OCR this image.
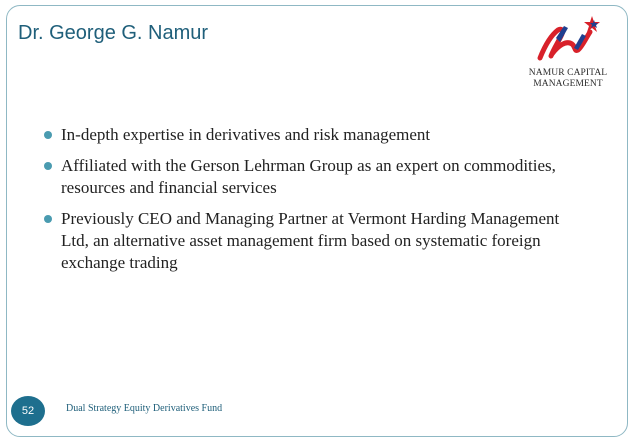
Dr. George G. Namur
NAMUR CAPITAL
MANAGEMENT
In-depth expertise in derivatives and risk management
Affiliated with the Gerson Lehrman Group as an expert on commodities, resources and financial services
Previously CEO and Managing Partner at Vermont Harding Management Ltd, an alternative asset management firm based on systematic foreign exchange trading
52	Dual Strategy Equity Derivatives Fund
